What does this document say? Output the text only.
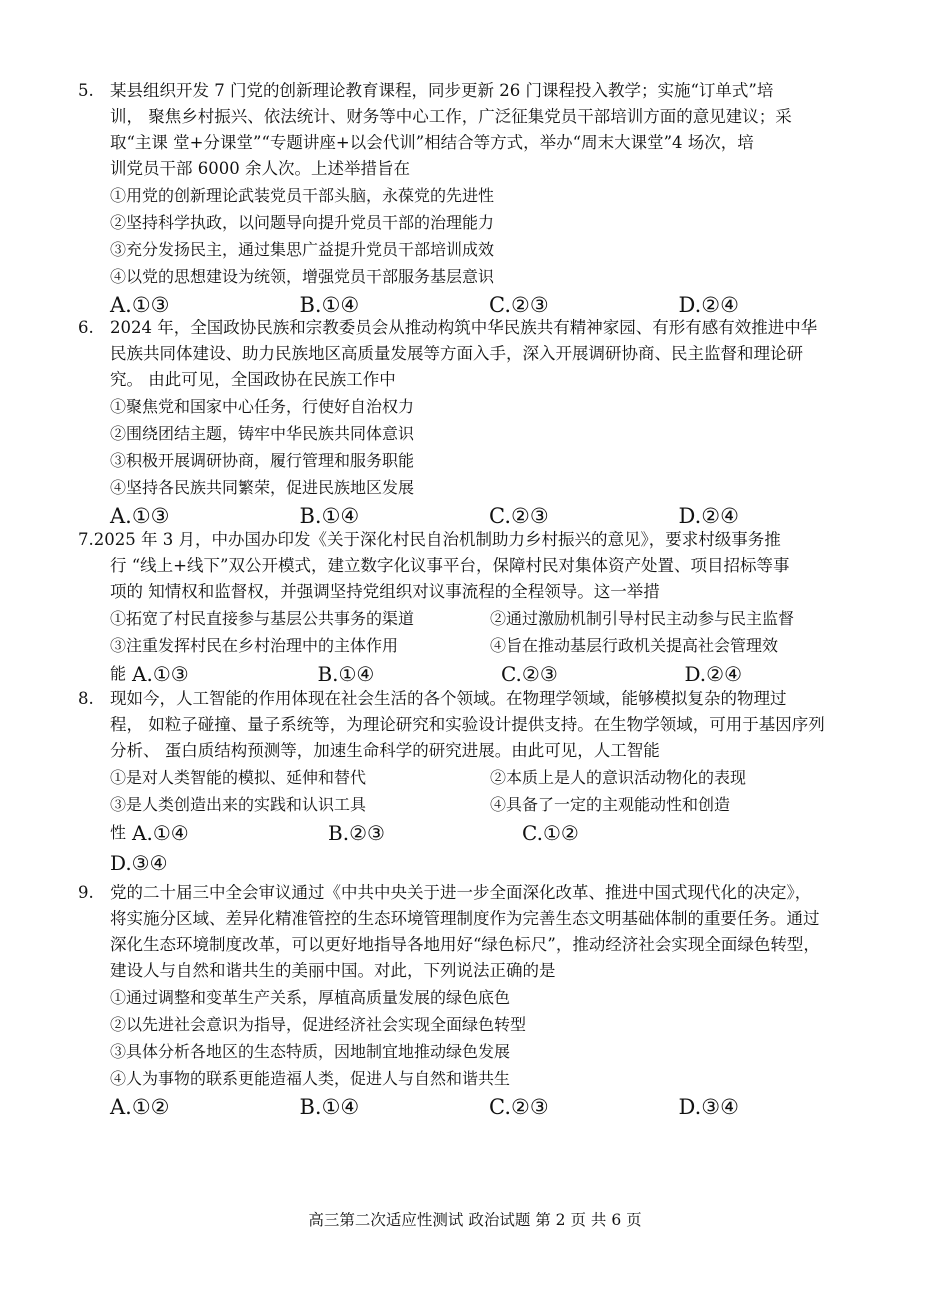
5. 某县组织开发 7 门党的创新理论教育课程，同步更新 26 门课程投入教学；实施“订单式”培
训， 聚焦乡村振兴、依法统计、财务等中心工作，广泛征集党员干部培训方面的意见建议；采
取“主课 堂+分课堂”“专题讲座+以会代训”相结合等方式，举办“周末大课堂”4 场次，培
训党员干部 6000 余人次。上述举措旨在
①用党的创新理论武装党员干部头脑，永葆党的先进性
②坚持科学执政，以问题导向提升党员干部的治理能力
③充分发扬民主，通过集思广益提升党员干部培训成效
④以党的思想建设为统领，增强党员干部服务基层意识
A.①③	B.①④	C.②③	D.②④
6. 2024 年，全国政协民族和宗教委员会从推动构筑中华民族共有精神家园、有形有感有效推进中华
民族共同体建设、助力民族地区高质量发展等方面入手，深入开展调研协商、民主监督和理论研
究。 由此可见，全国政协在民族工作中
①聚焦党和国家中心任务，行使好自治权力
②围绕团结主题，铸牢中华民族共同体意识
③积极开展调研协商，履行管理和服务职能
④坚持各民族共同繁荣，促进民族地区发展
A.①③	B.①④	C.②③	D.②④
7.2025 年 3 月，中办国办印发《关于深化村民自治机制助力乡村振兴的意见》，要求村级事务推
行 “线上+线下”双公开模式，建立数字化议事平台，保障村民对集体资产处置、项目招标等事
项的 知情权和监督权，并强调坚持党组织对议事流程的全程领导。这一举措
①拓宽了村民直接参与基层公共事务的渠道	②通过激励机制引导村民主动参与民主监督
③注重发挥村民在乡村治理中的主体作用	④旨在推动基层行政机关提高社会管理效
能 A.①③	B.①④	C.②③	D.②④
8. 现如今，人工智能的作用体现在社会生活的各个领域。在物理学领域，能够模拟复杂的物理过
程， 如粒子碰撞、量子系统等，为理论研究和实验设计提供支持。在生物学领域，可用于基因序列
分析、 蛋白质结构预测等，加速生命科学的研究进展。由此可见，人工智能
①是对人类智能的模拟、延伸和替代	②本质上是人的意识活动物化的表现
③是人类创造出来的实践和认识工具	④具备了一定的主观能动性和创造
性 A.①④	B.②③	C.①②
D.③④
9. 党的二十届三中全会审议通过《中共中央关于进一步全面深化改革、推进中国式现代化的决定》，
将实施分区域、差异化精准管控的生态环境管理制度作为完善生态文明基础体制的重要任务。通过
深化生态环境制度改革，可以更好地指导各地用好“绿色标尺”，推动经济社会实现全面绿色转型，
建设人与自然和谐共生的美丽中国。对此，下列说法正确的是
①通过调整和变革生产关系，厚植高质量发展的绿色底色
②以先进社会意识为指导，促进经济社会实现全面绿色转型
③具体分析各地区的生态特质，因地制宜地推动绿色发展
④人为事物的联系更能造福人类，促进人与自然和谐共生
A.①②	B.①④	C.②③	D.③④
高三第二次适应性测试 政治试题 第 2 页 共 6 页
